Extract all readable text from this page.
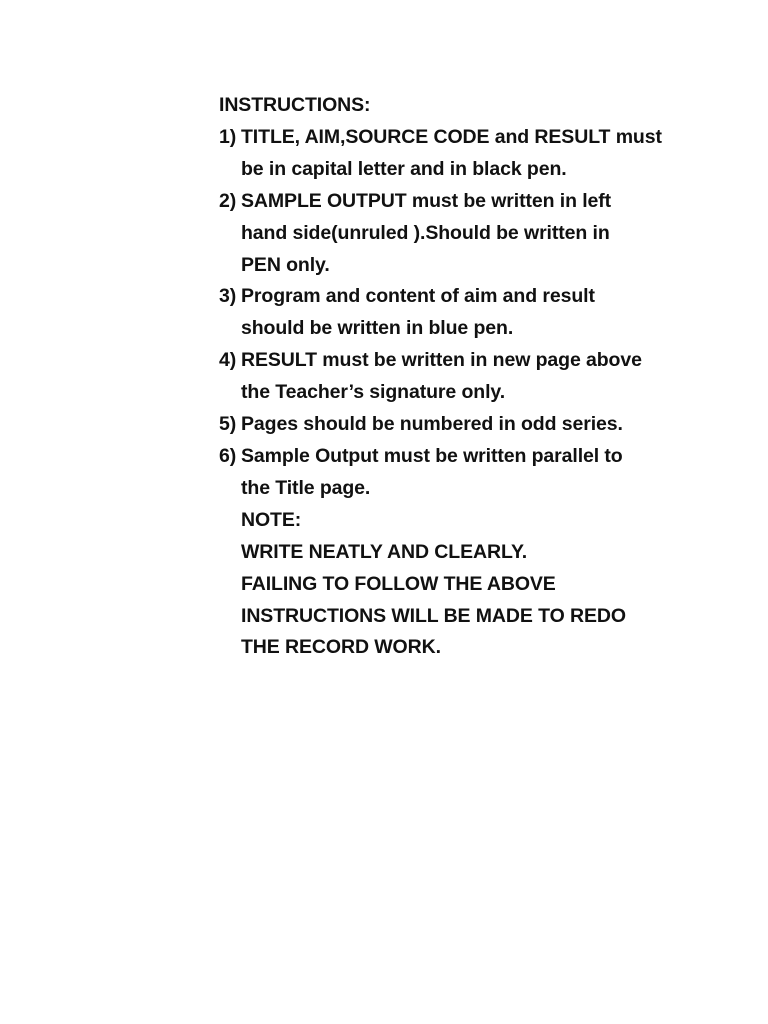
INSTRUCTIONS:
1) TITLE, AIM,SOURCE CODE and RESULT must
be in capital letter and in black pen.
2) SAMPLE OUTPUT must be written in left
hand side(unruled ).Should be written in
PEN only.
3) Program and content of aim and result
should be written in blue pen.
4) RESULT must be written in new page above
the Teacher’s signature only.
5) Pages should be numbered in odd series.
6) Sample Output must be written parallel to
the Title page.
NOTE:
WRITE NEATLY AND CLEARLY.
FAILING TO FOLLOW THE ABOVE
INSTRUCTIONS WILL BE MADE TO REDO
THE RECORD WORK.
